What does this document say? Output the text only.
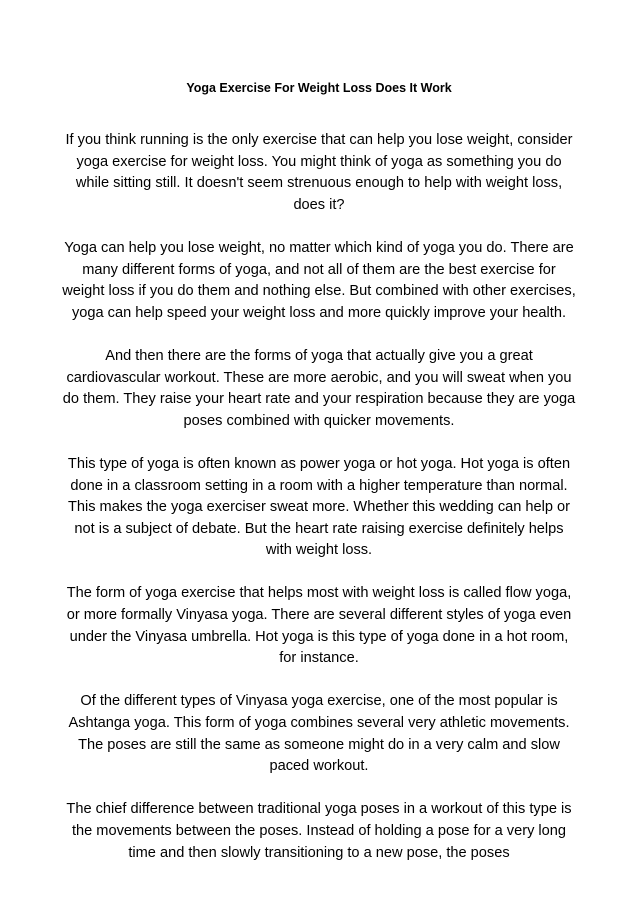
Yoga Exercise For Weight Loss Does It Work

If you think running is the only exercise that can help you lose weight, consider yoga exercise for weight loss. You might think of yoga as something you do while sitting still. It doesn't seem strenuous enough to help with weight loss, does it?

Yoga can help you lose weight, no matter which kind of yoga you do. There are many different forms of yoga, and not all of them are the best exercise for weight loss if you do them and nothing else. But combined with other exercises, yoga can help speed your weight loss and more quickly improve your health.

And then there are the forms of yoga that actually give you a great cardiovascular workout. These are more aerobic, and you will sweat when you do them. They raise your heart rate and your respiration because they are yoga poses combined with quicker movements.

This type of yoga is often known as power yoga or hot yoga. Hot yoga is often done in a classroom setting in a room with a higher temperature than normal. This makes the yoga exerciser sweat more. Whether this wedding can help or not is a subject of debate. But the heart rate raising exercise definitely helps with weight loss.

The form of yoga exercise that helps most with weight loss is called flow yoga, or more formally Vinyasa yoga. There are several different styles of yoga even under the Vinyasa umbrella. Hot yoga is this type of yoga done in a hot room, for instance.

Of the different types of Vinyasa yoga exercise, one of the most popular is Ashtanga yoga. This form of yoga combines several very athletic movements. The poses are still the same as someone might do in a very calm and slow paced workout.

The chief difference between traditional yoga poses in a workout of this type is the movements between the poses. Instead of holding a pose for a very long time and then slowly transitioning to a new pose, the poses
